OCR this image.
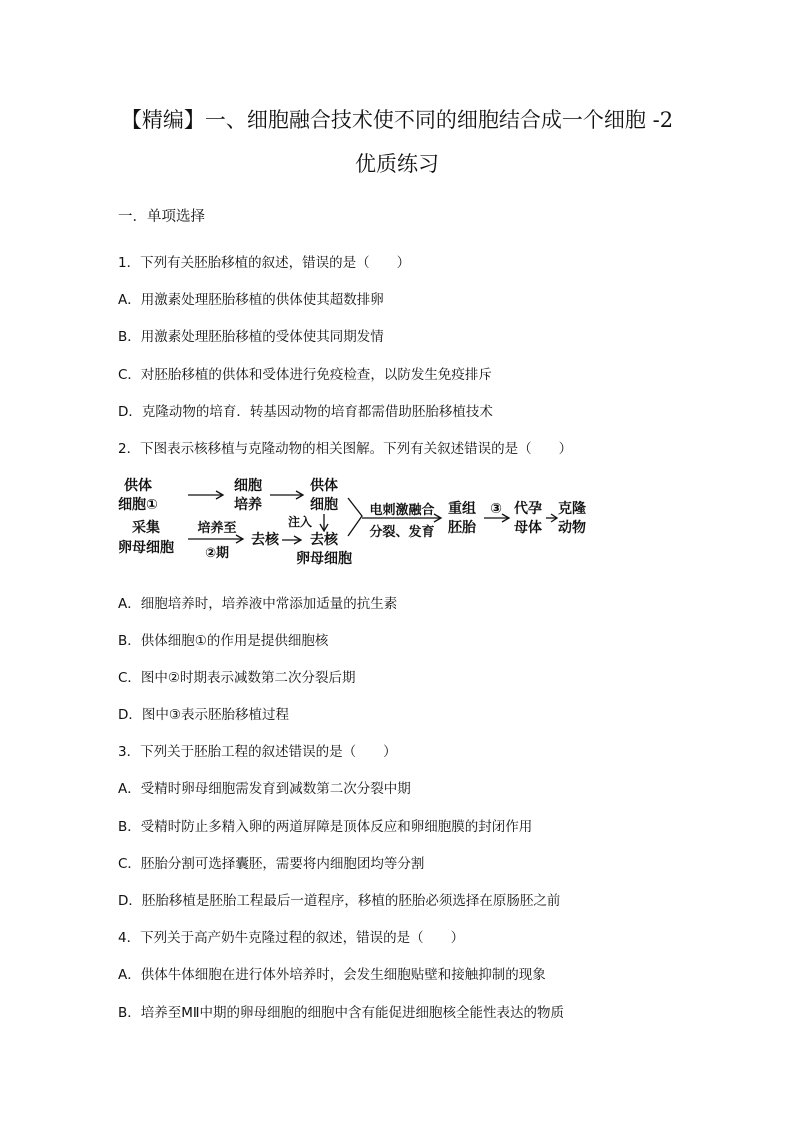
【精编】一、细胞融合技术使不同的细胞结合成一个细胞 -2
优质练习
一．单项选择
1．下列有关胚胎移植的叙述，错误的是（　　）
A．用激素处理胚胎移植的供体使其超数排卵
B．用激素处理胚胎移植的受体使其同期发情
C．对胚胎移植的供体和受体进行免疫检查，以防发生免疫排斥
D．克隆动物的培育．转基因动物的培育都需借助胚胎移植技术
2．下图表示核移植与克隆动物的相关图解。下列有关叙述错误的是（　　）
供体
细胞①
细胞
培养
供体
细胞
注入
采集
卵母细胞
培养至
②期
去核 去核
卵母细胞
电刺激融合
分裂、发育
重组
胚胎
③ 代孕
母体
克隆
动物
A．细胞培养时，培养液中常添加适量的抗生素
B．供体细胞①的作用是提供细胞核
C．图中②时期表示减数第二次分裂后期
D．图中③表示胚胎移植过程
3．下列关于胚胎工程的叙述错误的是（　　）
A．受精时卵母细胞需发育到减数第二次分裂中期
B．受精时防止多精入卵的两道屏障是顶体反应和卵细胞膜的封闭作用
C．胚胎分割可选择囊胚，需要将内细胞团均等分割
D．胚胎移植是胚胎工程最后一道程序，移植的胚胎必须选择在原肠胚之前
4．下列关于高产奶牛克隆过程的叙述，错误的是（　　）
A．供体牛体细胞在进行体外培养时，会发生细胞贴壁和接触抑制的现象
B．培养至MⅡ中期的卵母细胞的细胞中含有能促进细胞核全能性表达的物质
